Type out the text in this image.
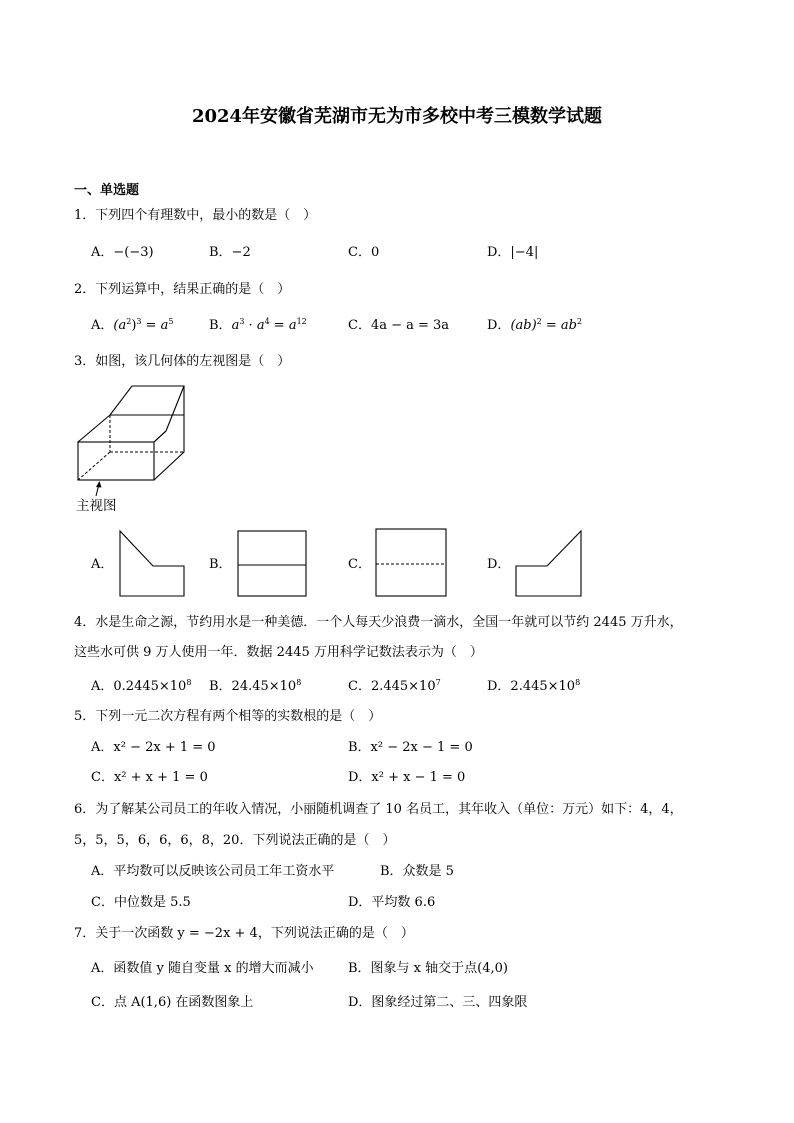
2024年安徽省芜湖市无为市多校中考三模数学试题
一、单选题
1．下列四个有理数中，最小的数是（　）
A．−(−3)	B．−2	C．0	D．|−4|
2．下列运算中，结果正确的是（　）
A．$(a^2)^3 = a^5$	B．$a^3 \cdot a^4 = a^{12}$	C．4a − a = 3a	D．$(ab)^2 = ab^2$
3．如图，该几何体的左视图是（　）
主视图
A．	B．	C．	D．
4．水是生命之源，节约用水是一种美德．一个人每天少浪费一滴水，全国一年就可以节约 2445 万升水，
这些水可供 9 万人使用一年．数据 2445 万用科学记数法表示为（　）
A．$0.2445\times 10^8$ B．$24.45\times 10^8$	C．$2.445\times 10^7$	D．$2.445\times 10^8$
5．下列一元二次方程有两个相等的实数根的是（　）
A．x² − 2x + 1 = 0	B．x² − 2x − 1 = 0
C．x² + x + 1 = 0	D．x² + x − 1 = 0
6．为了解某公司员工的年收入情况，小丽随机调查了 10 名员工，其年收入（单位：万元）如下：4，4，
5，5，5，6，6，6，8，20．下列说法正确的是（　）
A．平均数可以反映该公司员工年工资水平	B．众数是 5
C．中位数是 5.5	D．平均数 6.6
7．关于一次函数 y = −2x + 4，下列说法正确的是（　）
A．函数值 y 随自变量 x 的增大而减小	B．图象与 x 轴交于点(4,0)
C．点 A(1,6) 在函数图象上	D．图象经过第二、三、四象限
